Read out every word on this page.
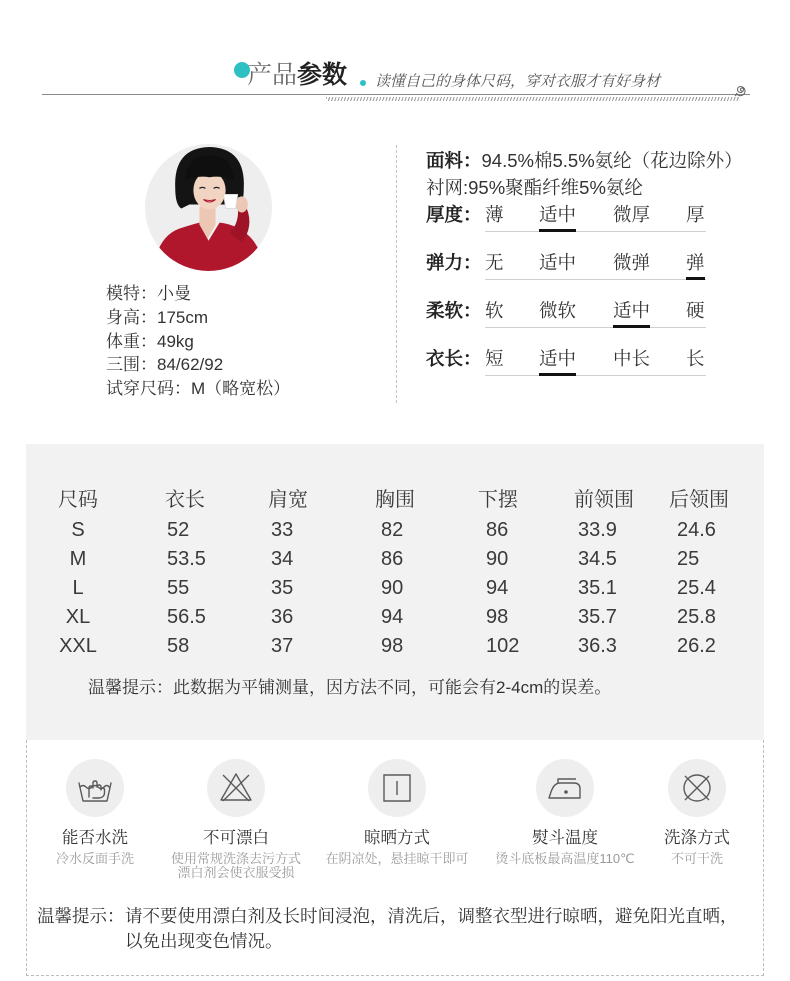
产品参数 读懂自己的身体尺码，穿对衣服才有好身材
模特：小曼
身高：175cm
体重：49kg
三围：84/62/92
试穿尺码：M（略宽松）
面料：94.5%棉5.5%氨纶（花边除外）
衬网:95%聚酯纤维5%氨纶
厚度： 薄 适中 微厚 厚
弹力： 无 适中 微弹 弹
柔软： 软 微软 适中 硬
衣长： 短 适中 中长 长
尺码	衣长	肩宽	胸围	下摆	前领围 后领围
S	52	33	82	86	33.9	24.6
M	53.5	34	86	90	34.5	25
L	55	35	90	94	35.1	25.4
XL	56.5	36	94	98	35.7	25.8
XXL	58	37	98	102	36.3	26.2
温馨提示：此数据为平铺测量，因方法不同，可能会有2-4cm的误差。
能否水洗
冷水反面手洗
不可漂白
使用常规洗涤去污方式
漂白剂会使衣服受损
晾晒方式
在阴凉处，悬挂晾干即可
熨斗温度
烫斗底板最高温度110℃
洗涤方式
不可干洗
温馨提示： 请不要使用漂白剂及长时间浸泡，清洗后，调整衣型进行晾晒，避免阳光直晒，
以免出现变色情况。
